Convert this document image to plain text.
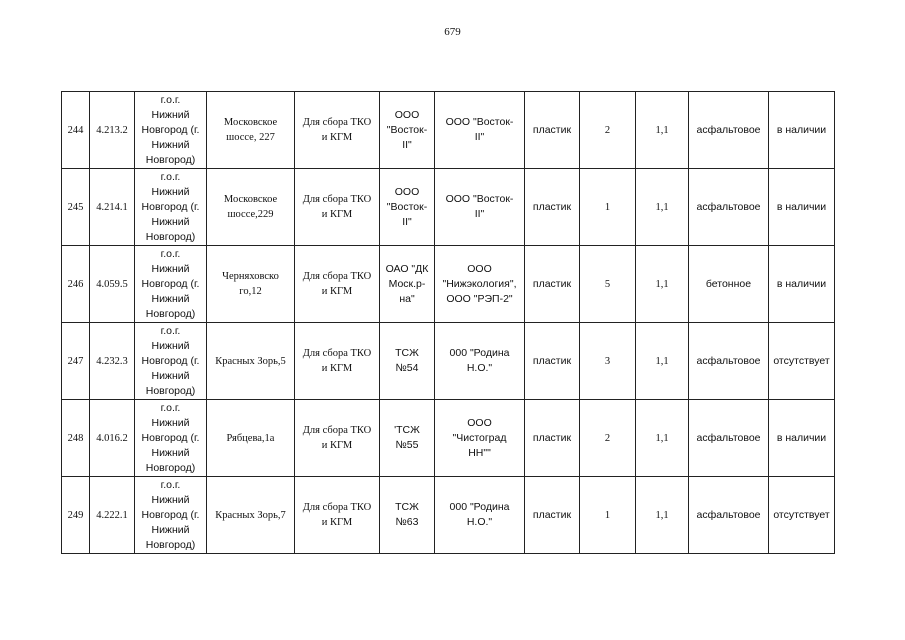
679
244	4.213.2	г.о.г.
Нижний
Новгород (г.
Нижний
Новгород)	Московское
шоссе, 227	Для сбора ТКО
и КГМ	ООО
"Восток-
II"	ООО "Восток-
II"	пластик	2	1,1	асфальтовое	в наличии
245	4.214.1	г.о.г.
Нижний
Новгород (г.
Нижний
Новгород)	Московское
шоссе,229	Для сбора ТКО
и КГМ	ООО
"Восток-
II"	ООО "Восток-
II"	пластик	1	1,1	асфальтовое	в наличии
246	4.059.5	г.о.г.
Нижний
Новгород (г.
Нижний
Новгород)	Черняховско
го,12	Для сбора ТКО
и КГМ	ОАО "ДК
Моск.р-
на"	ООО
"Нижэкология",
ООО "РЭП-2"	пластик	5	1,1	бетонное	в наличии
247	4.232.3	г.о.г.
Нижний
Новгород (г.
Нижний
Новгород)	Красных Зорь,5	Для сбора ТКО
и КГМ	ТСЖ
№54	000 "Родина
Н.О."	пластик	3	1,1	асфальтовое	отсутствует
248	4.016.2	г.о.г.
Нижний
Новгород (г.
Нижний
Новгород)	Рябцева,1а	Для сбора ТКО
и КГМ	'ТСЖ
№55	ООО
"Чистоград
НН""	пластик	2	1,1	асфальтовое	в наличии
249	4.222.1	г.о.г.
Нижний
Новгород (г.
Нижний
Новгород)	Красных Зорь,7	Для сбора ТКО
и КГМ	ТСЖ
№63	000 "Родина
Н.О."	пластик	1	1,1	асфальтовое	отсутствует
